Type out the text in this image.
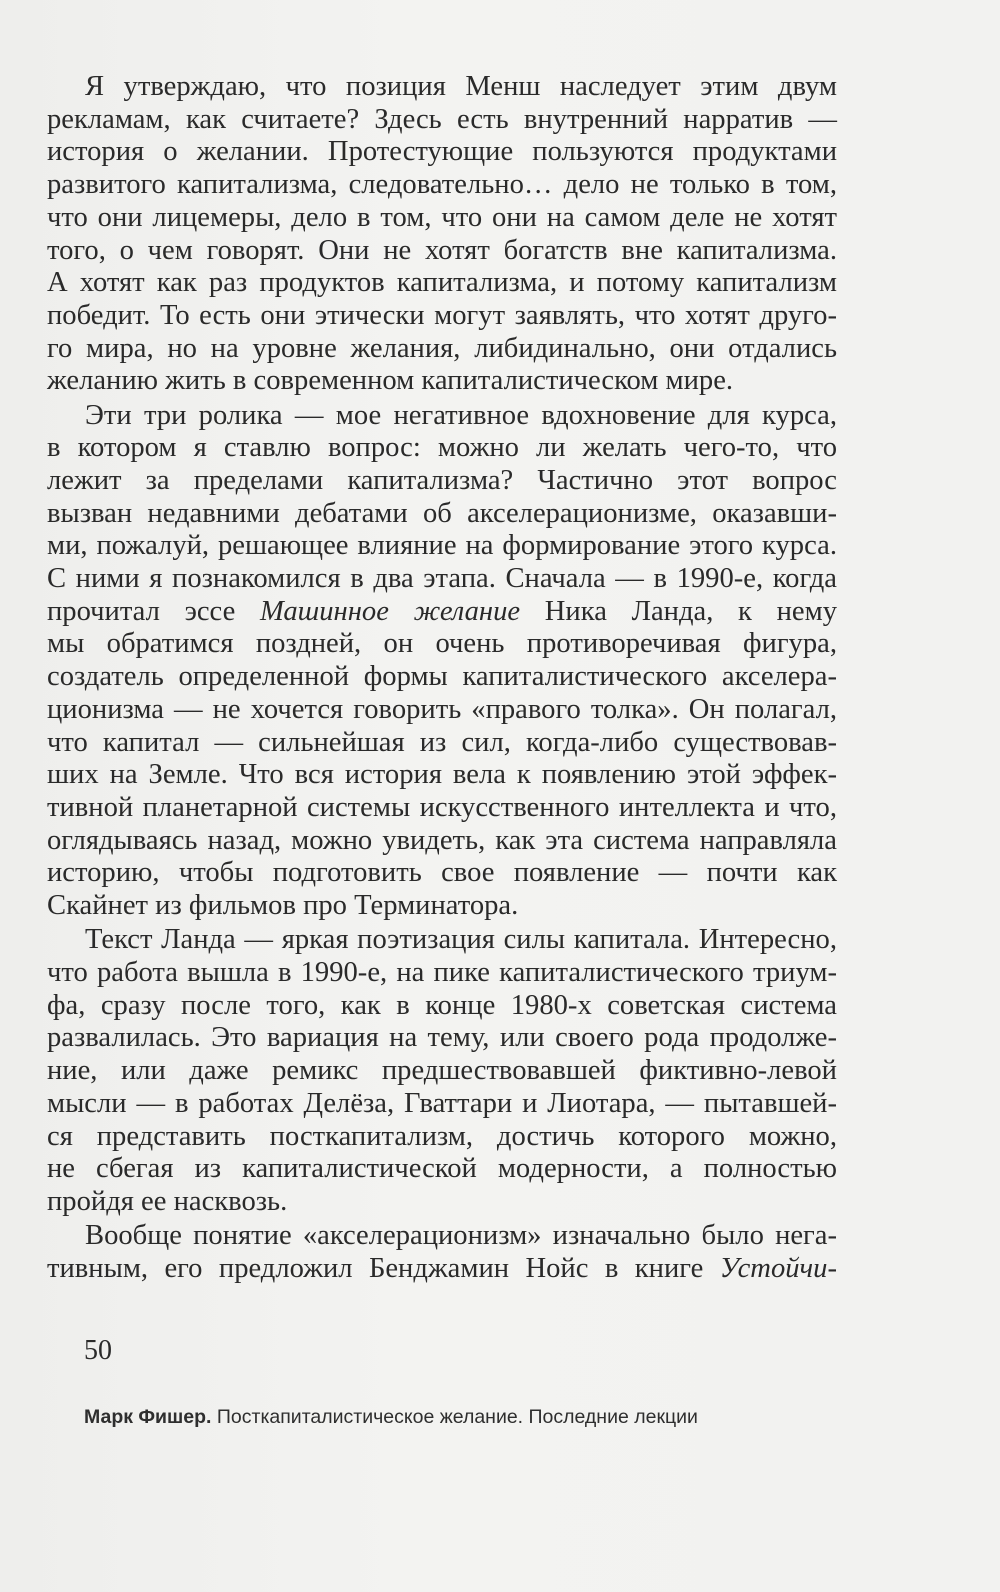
Я утверждаю, что позиция Менш наследует этим двум
рекламам, как считаете? Здесь есть внутренний нарратив —
история о желании. Протестующие пользуются продуктами
развитого капитализма, следовательно… дело не только в том,
что они лицемеры, дело в том, что они на самом деле не хотят
того, о чем говорят. Они не хотят богатств вне капитализма.
А хотят как раз продуктов капитализма, и потому капитализм
победит. То есть они этически могут заявлять, что хотят друго-
го мира, но на уровне желания, либидинально, они отдались
желанию жить в современном капиталистическом мире.
Эти три ролика — мое негативное вдохновение для курса,
в котором я ставлю вопрос: можно ли желать чего-то, что
лежит за пределами капитализма? Частично этот вопрос
вызван недавними дебатами об акселерационизме, оказавши-
ми, пожалуй, решающее влияние на формирование этого курса.
С ними я познакомился в два этапа. Сначала — в 1990-е, когда
прочитал эссе Машинное желание Ника Ланда, к нему
мы обратимся поздней, он очень противоречивая фигура,
создатель определенной формы капиталистического акселера-
ционизма — не хочется говорить «правого толка». Он полагал,
что капитал — сильнейшая из сил, когда-либо существовав-
ших на Земле. Что вся история вела к появлению этой эффек-
тивной планетарной системы искусственного интеллекта и что,
оглядываясь назад, можно увидеть, как эта система направляла
историю, чтобы подготовить свое появление — почти как
Скайнет из фильмов про Терминатора.
Текст Ланда — яркая поэтизация силы капитала. Интересно,
что работа вышла в 1990-е, на пике капиталистического триум-
фа, сразу после того, как в конце 1980-х советская система
развалилась. Это вариация на тему, или своего рода продолже-
ние, или даже ремикс предшествовавшей фиктивно-левой
мысли — в работах Делёза, Гваттари и Лиотара, — пытавшей-
ся представить посткапитализм, достичь которого можно,
не сбегая из капиталистической модерности, а полностью
пройдя ее насквозь.
Вообще понятие «акселерационизм» изначально было нега-
тивным, его предложил Бенджамин Нойс в книге Устойчи-
50
Марк Фишер. Посткапиталистическое желание. Последние лекции
